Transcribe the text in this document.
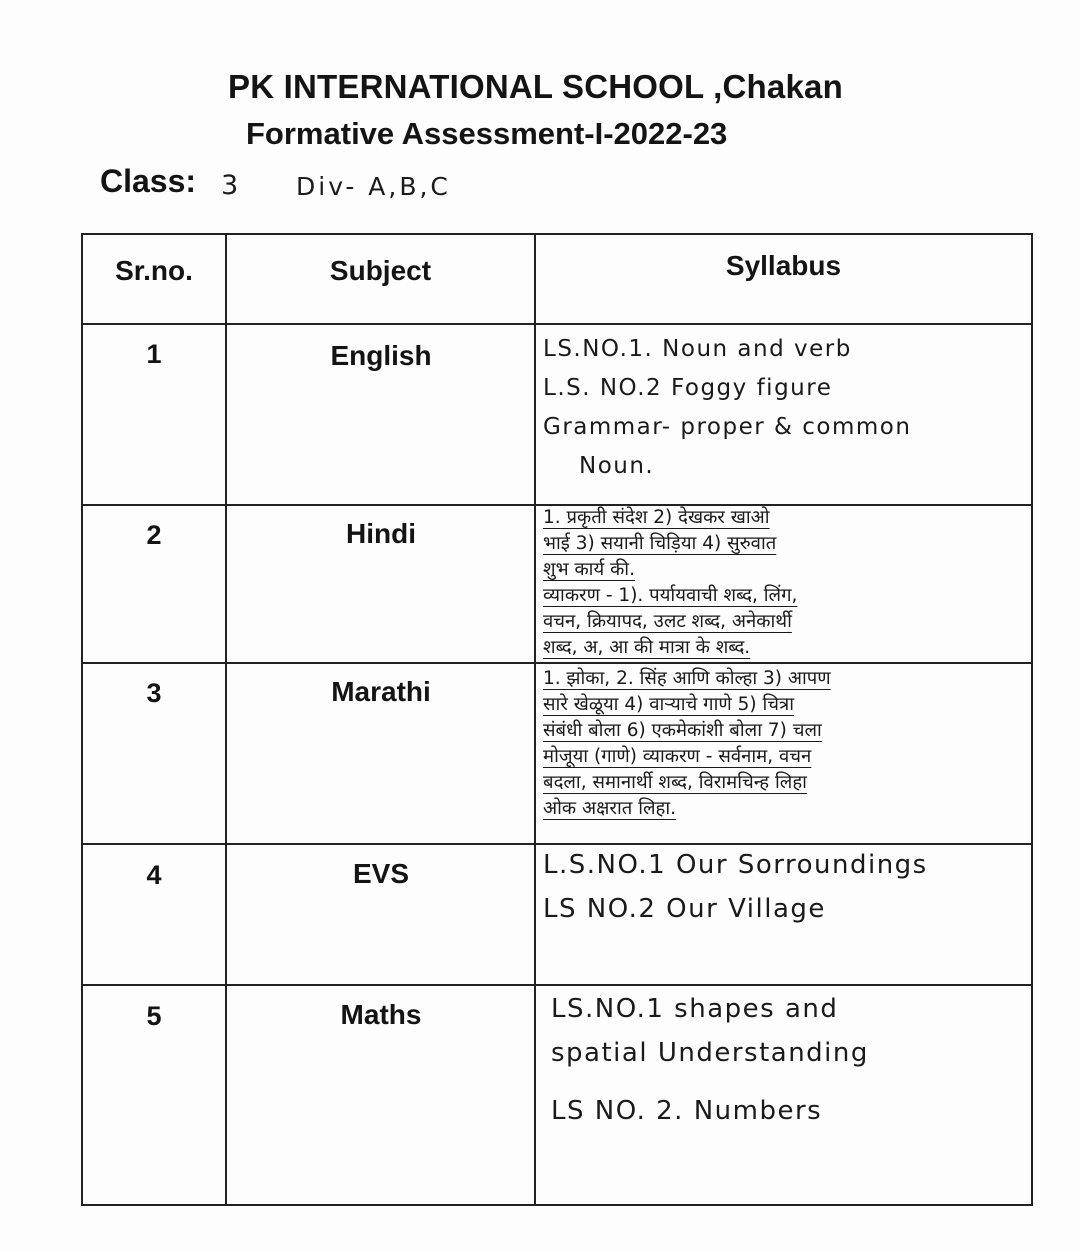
PK INTERNATIONAL SCHOOL ,Chakan
Formative Assessment-I-2022-23
Class: 3 Div- A,B,C
Sr.no.	Subject	Syllabus
1	English	LS.NO.1. Noun and verb
L.S. NO.2 Foggy figure
Grammar- proper & common
Noun.
2	Hindi
1. प्रकृती संदेश 2) देखकर खाओ
भाई 3) सयानी चिड़िया 4) सुरुवात
शुभ कार्य की.
व्याकरण - 1). पर्यायवाची शब्द, लिंग,
वचन, क्रियापद, उलट शब्द, अनेकार्थी
शब्द, अ, आ की मात्रा के शब्द.
3	Marathi	1. झोका, 2. सिंह आणि कोल्हा 3) आपण
सारे खेळूया 4) वाऱ्याचे गाणे 5) चित्रा
संबंधी बोला 6) एकमेकांशी बोला 7) चला
मोजूया (गाणे) व्याकरण - सर्वनाम, वचन
बदला, समानार्थी शब्द, विरामचिन्ह लिहा
ओक अक्षरात लिहा.
4	EVS	L.S.NO.1 Our Sorroundings
LS NO.2 Our Village
5	Maths	LS.NO.1 shapes and
spatial Understanding
LS NO. 2. Numbers
